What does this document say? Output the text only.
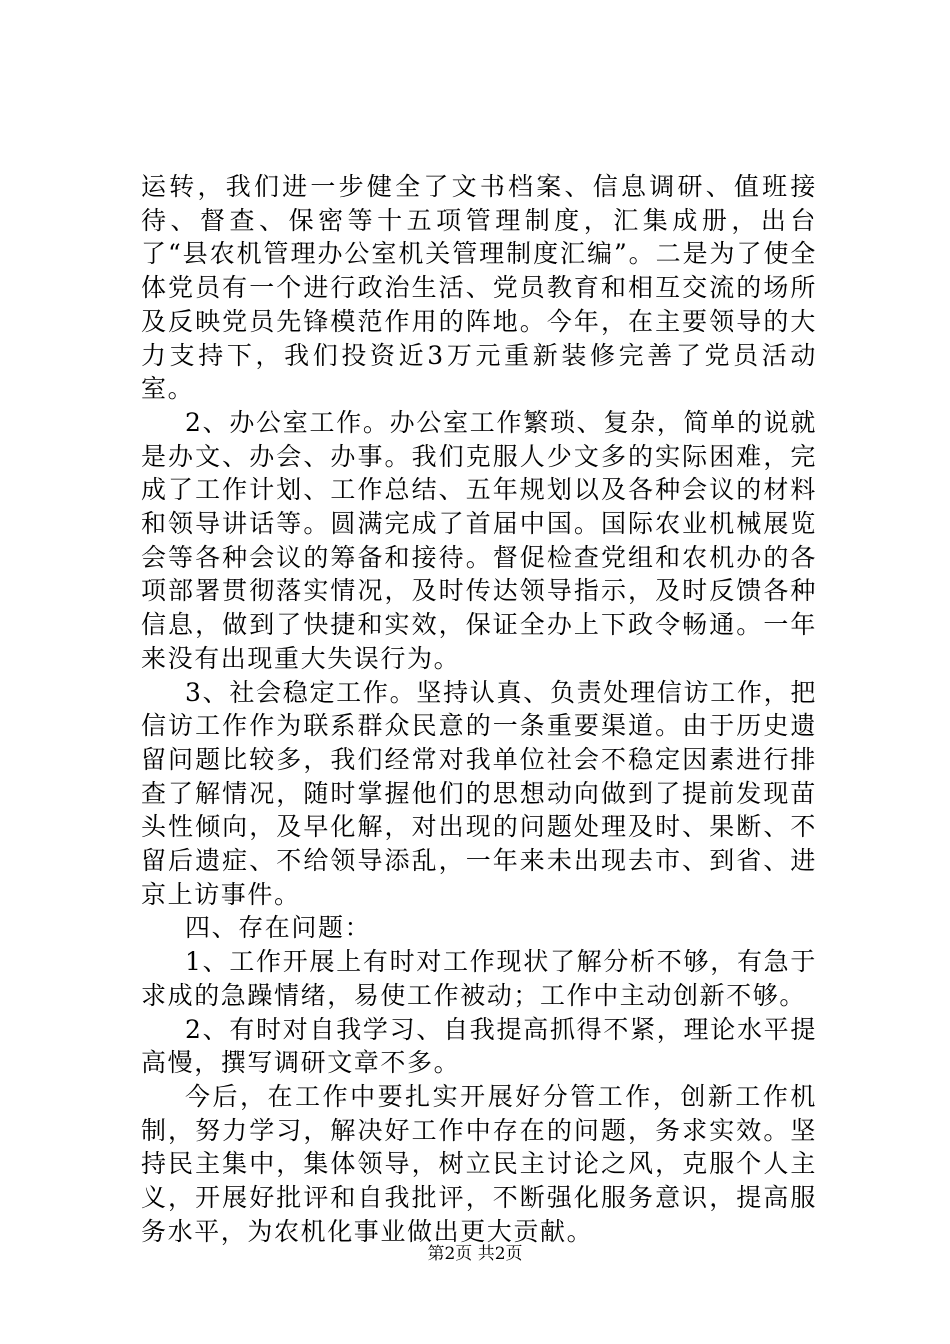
运转，我们进一步健全了文书档案、信息调研、值班接待、督查、保密等十五项管理制度，汇集成册，出台了“县农机管理办公室机关管理制度汇编”。二是为了使全体党员有一个进行政治生活、党员教育和相互交流的场所及反映党员先锋模范作用的阵地。今年，在主要领导的大力支持下，我们投资近3万元重新装修完善了党员活动室。

2、办公室工作。办公室工作繁琐、复杂，简单的说就是办文、办会、办事。我们克服人少文多的实际困难，完成了工作计划、工作总结、五年规划以及各种会议的材料和领导讲话等。圆满完成了首届中国。国际农业机械展览会等各种会议的筹备和接待。督促检查党组和农机办的各项部署贯彻落实情况，及时传达领导指示，及时反馈各种信息，做到了快捷和实效，保证全办上下政令畅通。一年来没有出现重大失误行为。

3、社会稳定工作。坚持认真、负责处理信访工作，把信访工作作为联系群众民意的一条重要渠道。由于历史遗留问题比较多，我们经常对我单位社会不稳定因素进行排查了解情况，随时掌握他们的思想动向做到了提前发现苗头性倾向，及早化解，对出现的问题处理及时、果断、不留后遗症、不给领导添乱，一年来未出现去市、到省、进京上访事件。

四、存在问题：

1、工作开展上有时对工作现状了解分析不够，有急于求成的急躁情绪，易使工作被动；工作中主动创新不够。

2、有时对自我学习、自我提高抓得不紧，理论水平提高慢，撰写调研文章不多。

今后，在工作中要扎实开展好分管工作，创新工作机制，努力学习，解决好工作中存在的问题，务求实效。坚持民主集中，集体领导，树立民主讨论之风，克服个人主义，开展好批评和自我批评，不断强化服务意识，提高服务水平，为农机化事业做出更大贡献。

第2页 共2页
